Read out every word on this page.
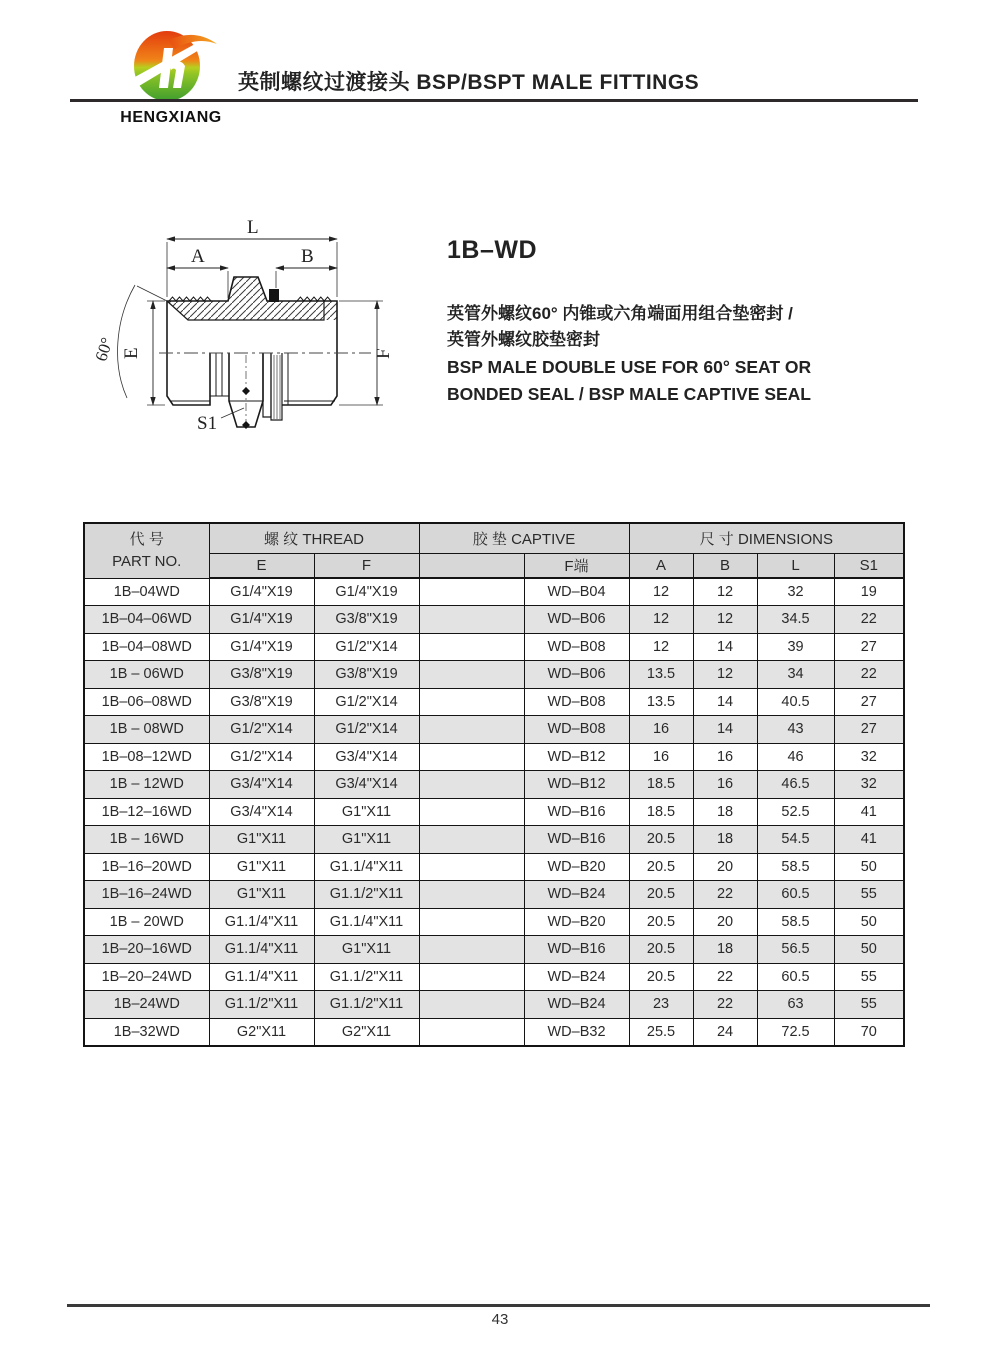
HENGXIANG
英制螺纹过渡接头 BSP/BSPT MALE FITTINGS
L
A	B
E	F
60°
S1
1B–WD
英管外螺纹60° 内锥或六角端面用组合垫密封 /
英管外螺纹胶垫密封
BSP MALE DOUBLE USE FOR 60° SEAT OR
BONDED SEAL / BSP MALE CAPTIVE SEAL
代 号
PART NO.	螺 纹 THREAD		胶 垫 CAPTIVE		尺 寸 DIMENSIONS			
	E	F		F端	A	B	L	S1
1B–04WD	G1/4"X19	G1/4"X19		WD–B04	12	12	32	19
1B–04–06WD	G1/4"X19	G3/8"X19		WD–B06	12	12	34.5	22
1B–04–08WD	G1/4"X19	G1/2"X14		WD–B08	12	14	39	27
1B – 06WD	G3/8"X19	G3/8"X19		WD–B06	13.5	12	34	22
1B–06–08WD	G3/8"X19	G1/2"X14		WD–B08	13.5	14	40.5	27
1B – 08WD	G1/2"X14	G1/2"X14		WD–B08	16	14	43	27
1B–08–12WD	G1/2"X14	G3/4"X14		WD–B12	16	16	46	32
1B – 12WD	G3/4"X14	G3/4"X14		WD–B12	18.5	16	46.5	32
1B–12–16WD	G3/4"X14	G1"X11		WD–B16	18.5	18	52.5	41
1B – 16WD	G1"X11	G1"X11		WD–B16	20.5	18	54.5	41
1B–16–20WD	G1"X11	G1.1/4"X11		WD–B20	20.5	20	58.5	50
1B–16–24WD	G1"X11	G1.1/2"X11		WD–B24	20.5	22	60.5	55
1B – 20WD	G1.1/4"X11	G1.1/4"X11		WD–B20	20.5	20	58.5	50
1B–20–16WD	G1.1/4"X11	G1"X11		WD–B16	20.5	18	56.5	50
1B–20–24WD	G1.1/4"X11	G1.1/2"X11		WD–B24	20.5	22	60.5	55
1B–24WD	G1.1/2"X11	G1.1/2"X11		WD–B24	23	22	63	55
1B–32WD	G2"X11	G2"X11		WD–B32	25.5	24	72.5	70
43
